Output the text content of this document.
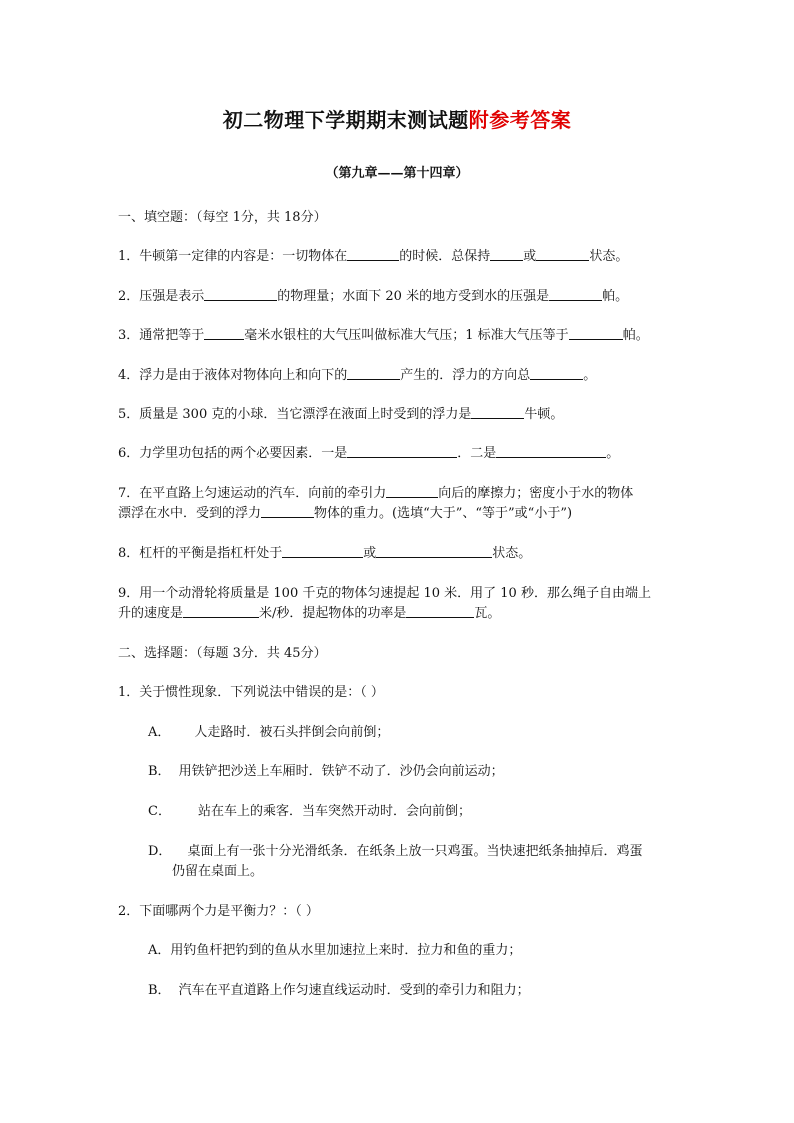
初二物理下学期期末测试题附参考答案
（第九章——第十四章）
一、填空题：（每空 1分，共 18分）
1．牛顿第一定律的内容是：一切物体在	的时候．总保持	或	状态。
2．压强是表示	的物理量；水面下 20 米的地方受到水的压强是	帕。
3．通常把等于	毫米水银柱的大气压叫做标准大气压；1 标准大气压等于	帕。
4．浮力是由于液体对物体向上和向下的	产生的．浮力的方向总	。
5．质量是 300 克的小球．当它漂浮在液面上时受到的浮力是	牛顿。
6．力学里功包括的两个必要因素．一是	．二是	。
7．在平直路上匀速运动的汽车．向前的牵引力	向后的摩擦力；密度小于水的物体
漂浮在水中．受到的浮力	物体的重力。(选填“大于”、“等于”或“小于”)
8．杠杆的平衡是指杠杆处于	或	状态。
9．用一个动滑轮将质量是 100 千克的物体匀速提起 10 米．用了 10 秒．那么绳子自由端上
升的速度是	米/秒．提起物体的功率是	瓦。
二、选择题：（每题 3分．共 45分）
1．关于惯性现象．下列说法中错误的是：（ ）
A． 人走路时．被石头拌倒会向前倒；
B． 用铁铲把沙送上车厢时．铁铲不动了．沙仍会向前运动；
C． 站在车上的乘客．当车突然开动时．会向前倒；
D． 桌面上有一张十分光滑纸条．在纸条上放一只鸡蛋。当快速把纸条抽掉后．鸡蛋
仍留在桌面上。
2．下面哪两个力是平衡力？：（ ）
A．用钓鱼杆把钓到的鱼从水里加速拉上来时．拉力和鱼的重力；
B． 汽车在平直道路上作匀速直线运动时．受到的牵引力和阻力；
